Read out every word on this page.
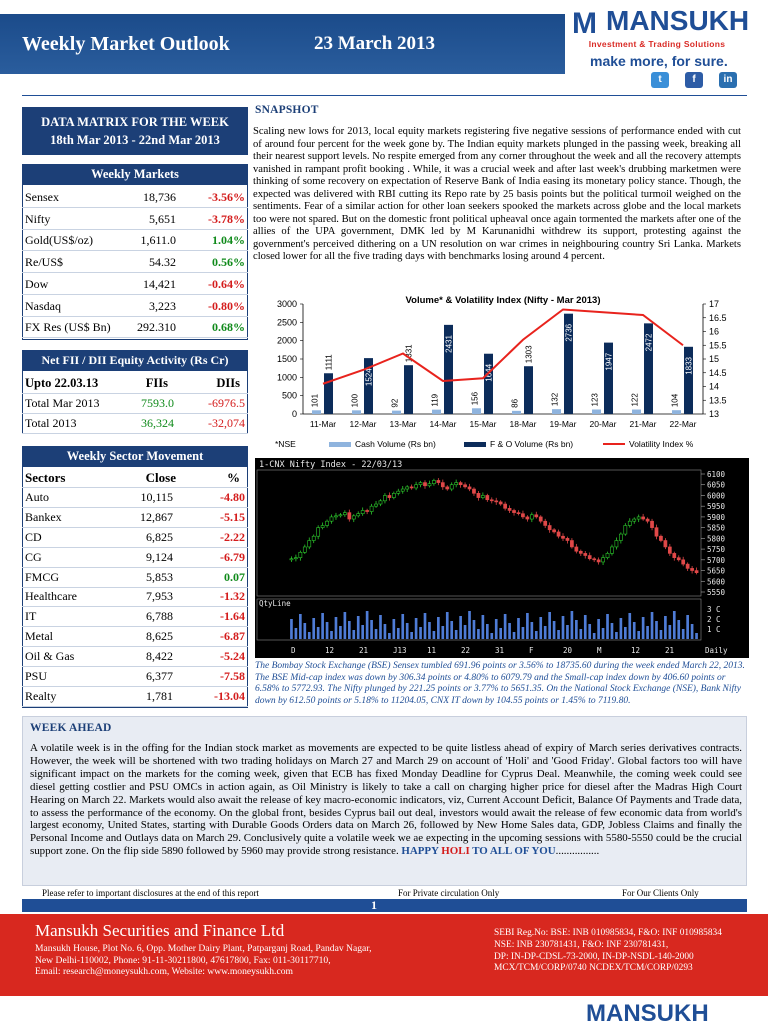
Weekly Market Outlook	23 March 2013
M MANSUKH
Investment & Trading Solutions
make more, for sure.
t	f	in
DATA MATRIX FOR THE WEEK
18th Mar 2013 - 22nd Mar 2013
Weekly Markets
Sensex	18,736	-3.56%
Nifty	5,651	-3.78%
Gold(US$/oz)	1,611.0	1.04%
Re/US$	54.32	0.56%
Dow	14,421	-0.64%
Nasdaq	3,223	-0.80%
FX Res (US$ Bn) 292.310	0.68%
Net FII / DII Equity Activity (Rs Cr)
Upto 22.03.13	FIIs	DIIs
Total Mar 2013	7593.0	-6976.5
Total 2013	36,324	-32,074
Weekly Sector Movement
Sectors	Close	%
Auto	10,115	-4.80
Bankex	12,867	-5.15
CD	6,825	-2.22
CG	9,124	-6.79
FMCG	5,853	0.07
Healthcare	7,953	-1.32
IT	6,788	-1.64
Metal	8,625	-6.87
Oil & Gas	8,422	-5.24
PSU	6,377	-7.58
Realty	1,781	-13.04
SNAPSHOT
Scaling new lows for 2013, local equity markets registering five negative sessions of performance ended with cut of around four percent for the week gone by. The Indian equity markets plunged in the passing week, breaking all their nearest support levels. No respite emerged from any corner throughout the week and all the recovery attempts vanished in rampant profit booking . While, it was a crucial week and after last week's drubbing marketmen were thinking of some recovery on expectation of Reserve Bank of India easing its monetary policy stance. Though, the expected was delivered with RBI cutting its Repo rate by 25 basis points but the political turmoil weighed on the sentiments. Fear of a similar action for other loan seekers spooked the markets across globe and the local markets too were not spared. But on the domestic front political upheaval once again tormented the markets after one of the allies of the UPA government, DMK led by M Karunanidhi withdrew its support, protesting against the government's perceived dithering on a UN resolution on war crimes in neighbouring country Sri Lanka. Markets closed lower for all the five trading days with benchmarks losing around 4 percent.
Volume* & Volatility Index (Nifty - Mar 2013)
0
500
1000
1500
2000
2500
3000
13
13.5
14
14.5
15
15.5
16
16.5
17
101
1111
11-Mar
100
1524
12-Mar
92
1331
13-Mar
119
2431
14-Mar
156
1644
15-Mar
86
1303
18-Mar
132
2736
19-Mar
123
1947
20-Mar
122
2472
21-Mar
104
1833
22-Mar
*NSE	Cash Volume (Rs bn)	F & O Volume (Rs bn)	Volatility Index %
1-CNX Nifty Index - 22/03/13
6100
6050
6000
5950
5900
5850
5800
5750
5700
5650
5600
5550
QtyLine
3 C
2 C
1 C
D	12	21	J13	11	22	31	F	20	M	12	21	Daily
The Bombay Stock Exchange (BSE) Sensex tumbled 691.96 points or 3.56% to 18735.60 during the week ended March 22, 2013. The BSE Mid-cap index was down by 306.34 points or 4.80% to 6079.79 and the Small-cap index down by 406.60 points or 6.58% to 5772.93. The Nifty plunged by 221.25 points or 3.77% to 5651.35. On the National Stock Exchange (NSE), Bank Nifty down by 612.50 points or 5.18% to 11204.05, CNX IT down by 104.55 points or 1.45% to 7119.80.
WEEK AHEAD
A volatile week is in the offing for the Indian stock market as movements are expected to be quite listless ahead of expiry of March series derivatives contracts. However, the week will be shortened with two trading holidays on March 27 and March 29 on account of 'Holi' and 'Good Friday'. Global factors too will have significant impact on the markets for the coming week, given that ECB has fixed Monday Deadline for Cyprus Deal. Meanwhile, the coming week could see diesel getting costlier and PSU OMCs in action again, as Oil Ministry is likely to take a call on charging higher price for diesel after the Madras High Court Hearing on March 22. Markets would also await the release of key macro-economic indicators, viz, Current Account Deficit, Balance Of Payments and Trade data, to assess the performance of the economy. On the global front, besides Cyprus bail out deal, investors would await the release of few economic data from world's largest economy, United States, starting with Durable Goods Orders data on March 26, followed by New Home Sales data, GDP, Jobless Claims and finally the Personal Income and Outlays data on March 29. Conclusively quite a volatile week we ae expecting in the upcoming sessions with 5580-5550 could be the crucial support zone. On the flip side 5890 followed by 5960 may provide strong resistance. HAPPY HOLI TO ALL OF YOU................
Please refer to important disclosures at the end of this report	For Private circulation Only	For Our Clients Only
1
Mansukh Securities and Finance Ltd
Mansukh House, Plot No. 6, Opp. Mother Dairy Plant, Patparganj Road, Pandav Nagar,
New Delhi-110002, Phone: 91-11-30211800, 47617800, Fax: 011-30117710,
Email: research@moneysukh.com, Website: www.moneysukh.com
SEBI Reg.No: BSE: INB 010985834, F&O: INF 010985834
NSE: INB 230781431, F&O: INF 230781431,
DP: IN-DP-CDSL-73-2000, IN-DP-NSDL-140-2000
MCX/TCM/CORP/0740 NCDEX/TCM/CORP/0293
MANSUKH
